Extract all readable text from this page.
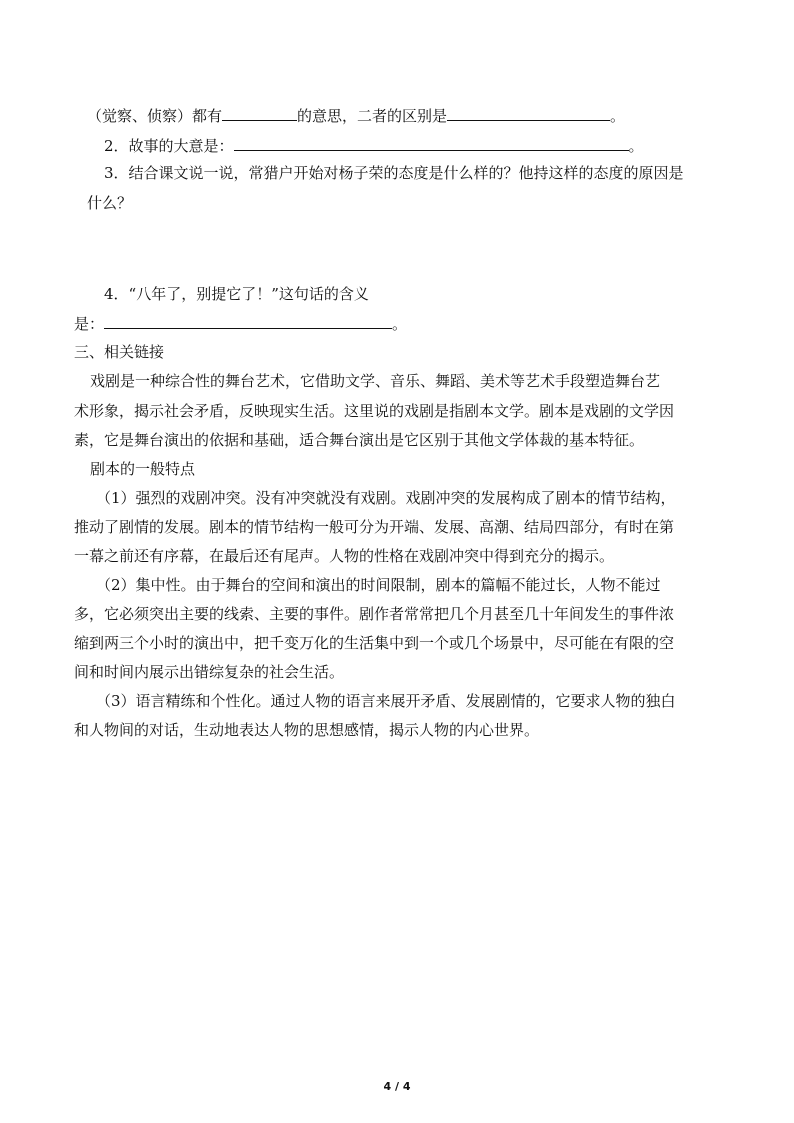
（觉察、侦察）都有	的意思，二者的区别是	。
2．故事的大意是：	。
3．结合课文说一说，常猎户开始对杨子荣的态度是什么样的？他持这样的态度的原因是
什么？
4．“八年了，别提它了！”这句话的含义
是：	。
三、相关链接
戏剧是一种综合性的舞台艺术，它借助文学、音乐、舞蹈、美术等艺术手段塑造舞台艺
术形象，揭示社会矛盾，反映现实生活。这里说的戏剧是指剧本文学。剧本是戏剧的文学因
素，它是舞台演出的依据和基础，适合舞台演出是它区别于其他文学体裁的基本特征。
剧本的一般特点
（1）强烈的戏剧冲突。没有冲突就没有戏剧。戏剧冲突的发展构成了剧本的情节结构，
推动了剧情的发展。剧本的情节结构一般可分为开端、发展、高潮、结局四部分，有时在第
一幕之前还有序幕，在最后还有尾声。人物的性格在戏剧冲突中得到充分的揭示。
（2）集中性。由于舞台的空间和演出的时间限制，剧本的篇幅不能过长，人物不能过
多，它必须突出主要的线索、主要的事件。剧作者常常把几个月甚至几十年间发生的事件浓
缩到两三个小时的演出中，把千变万化的生活集中到一个或几个场景中，尽可能在有限的空
间和时间内展示出错综复杂的社会生活。
（3）语言精练和个性化。通过人物的语言来展开矛盾、发展剧情的，它要求人物的独白
和人物间的对话，生动地表达人物的思想感情，揭示人物的内心世界。
4 / 4
